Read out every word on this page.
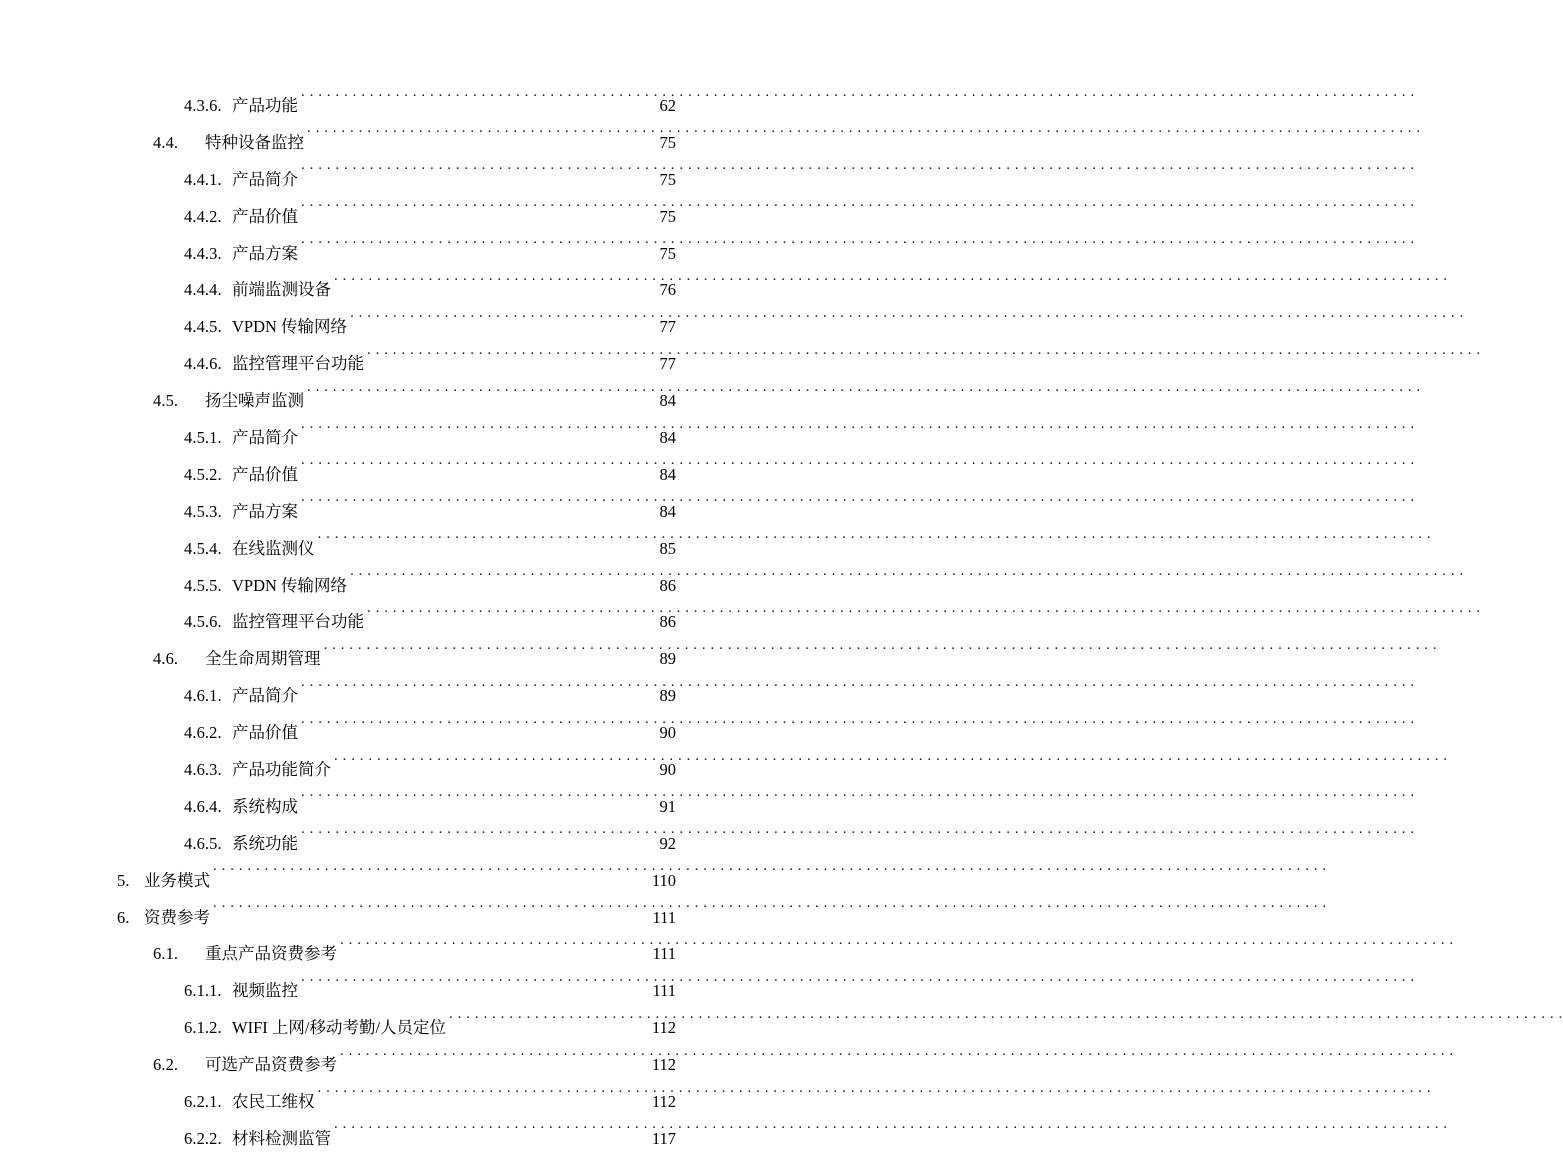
4.3.6. 产品功能 . . .	62
4.4.	特种设备监控 . . .	75
4.4.1. 产品简介 . . .	75
4.4.2. 产品价值 . . .	75
4.4.3. 产品方案 . . .	75
4.4.4. 前端监测设备 . . .	76
4.4.5. VPDN 传输网络 . . .	77
4.4.6. 监控管理平台功能 . . .	77
4.5.	扬尘噪声监测 . . .	84
4.5.1. 产品简介 . . .	84
4.5.2. 产品价值 . . .	84
4.5.3. 产品方案 . . .	84
4.5.4. 在线监测仪 . . .	85
4.5.5. VPDN 传输网络 . . .	86
4.5.6. 监控管理平台功能 . . .	86
4.6.	全生命周期管理 . . .	89
4.6.1. 产品简介 . . .	89
4.6.2. 产品价值 . . .	90
4.6.3. 产品功能简介 . . .	90
4.6.4. 系统构成 . . .	91
4.6.5. 系统功能 . . .	92
5. 业务模式 . . .	110
6. 资费参考 . . .	111
6.1.	重点产品资费参考 . . .	111
6.1.1. 视频监控 . . .	111
6.1.2. WIFI 上网/移动考勤/人员定位 . . .	112
6.2.	可选产品资费参考 . . .	112
6.2.1. 农民工维权 . . .	112
6.2.2. 材料检测监管 . . .	117
